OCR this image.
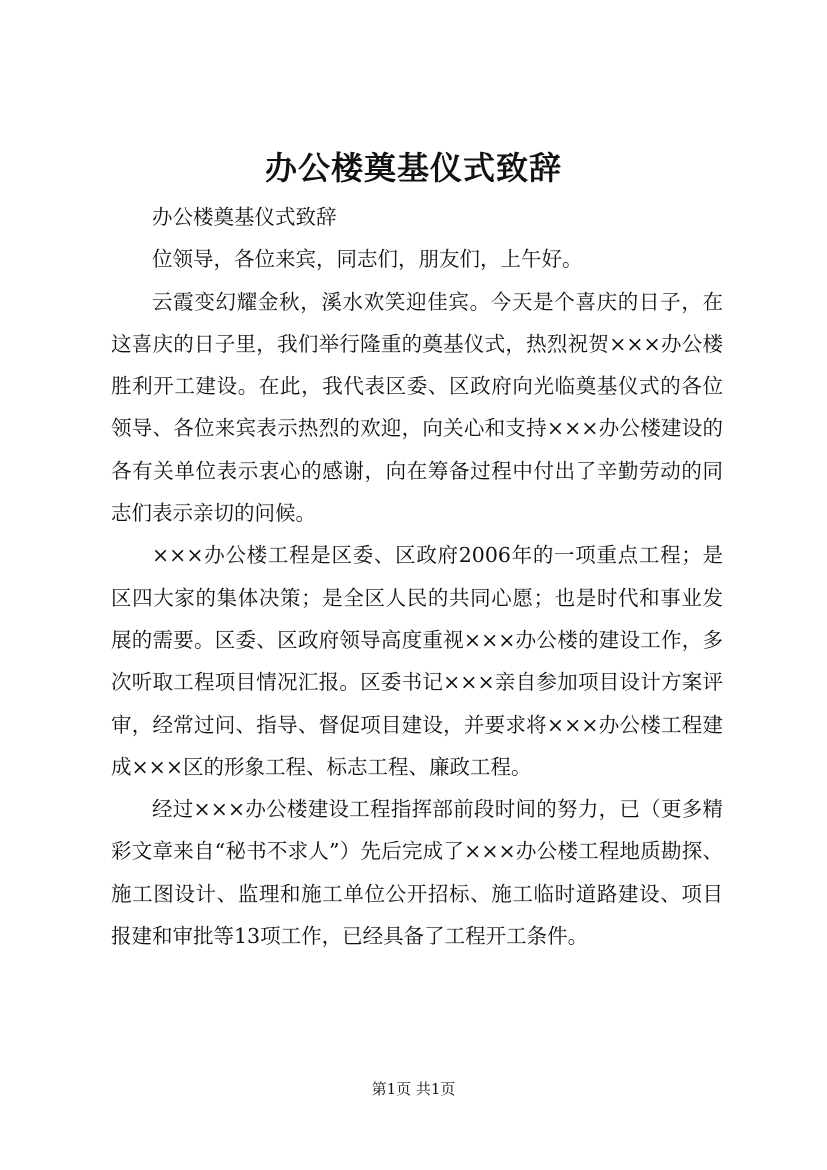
办公楼奠基仪式致辞

办公楼奠基仪式致辞

位领导，各位来宾，同志们，朋友们，上午好。

云霞变幻耀金秋，溪水欢笑迎佳宾。今天是个喜庆的日子，在这喜庆的日子里，我们举行隆重的奠基仪式，热烈祝贺×××办公楼胜利开工建设。在此，我代表区委、区政府向光临奠基仪式的各位领导、各位来宾表示热烈的欢迎，向关心和支持×××办公楼建设的各有关单位表示衷心的感谢，向在筹备过程中付出了辛勤劳动的同志们表示亲切的问候。

×××办公楼工程是区委、区政府2006年的一项重点工程；是区四大家的集体决策；是全区人民的共同心愿；也是时代和事业发展的需要。区委、区政府领导高度重视×××办公楼的建设工作，多次听取工程项目情况汇报。区委书记×××亲自参加项目设计方案评审，经常过问、指导、督促项目建设，并要求将×××办公楼工程建成×××区的形象工程、标志工程、廉政工程。

经过×××办公楼建设工程指挥部前段时间的努力，已（更多精彩文章来自“秘书不求人”）先后完成了×××办公楼工程地质勘探、施工图设计、监理和施工单位公开招标、施工临时道路建设、项目报建和审批等13项工作，已经具备了工程开工条件。

第1页 共1页
